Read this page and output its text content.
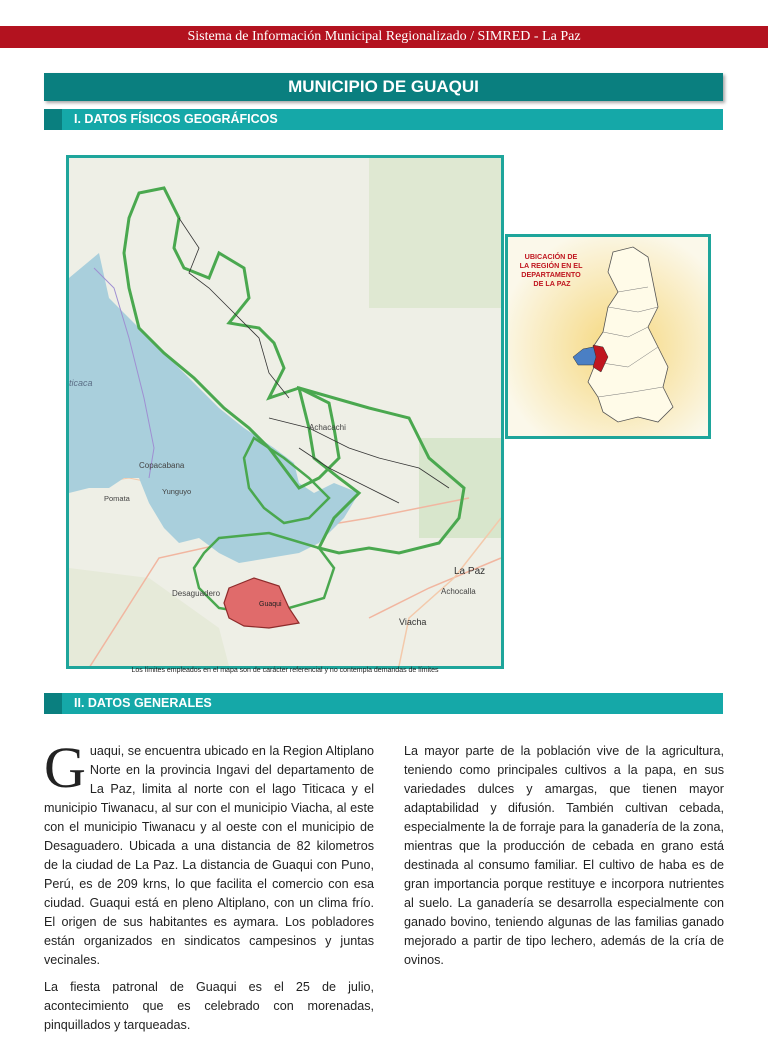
Sistema de Información Municipal Regionalizado / SIMRED - La Paz
MUNICIPIO DE GUAQUI
I. DATOS FÍSICOS GEOGRÁFICOS
ticaca
Achacachi
Copacabana
Yunguyo
Pomata
La Paz
Achocalla
Desaguadero
Guaqui
Viacha
UBICACIÓN DE LA REGIÓN EN EL DEPARTAMENTO DE LA PAZ
Los límites empleados en el mapa son de carácter referencial y no contempla demandas de límites
II. DATOS GENERALES

Guaqui, se encuentra ubicado en la Region Altiplano Norte en la provincia Ingavi del departamento de La Paz, limita al norte con el lago Titicaca y el municipio Tiwanacu, al sur con el municipio Viacha, al este con el municipio Tiwanacu y al oeste con el municipio de Desaguadero. Ubicada a una distancia de 82 kilometros de la ciudad de La Paz. La distancia de Guaqui con Puno, Perú, es de 209 krns, lo que facilita el comercio con esa ciudad. Guaqui está en pleno Altiplano, con un clima frío. El origen de sus habitantes es aymara. Los pobladores están organizados en sindicatos campesinos y juntas vecinales.

La fiesta patronal de Guaqui es el 25 de julio, acontecimiento que es celebrado con morenadas, pinquillados y tarqueadas.

La mayor parte de la población vive de la agricultura, teniendo como principales cultivos a la papa, en sus variedades dulces y amargas, que tienen mayor adaptabilidad y difusión. También cultivan cebada, especialmente la de forraje para la ganadería de la zona, mientras que la producción de cebada en grano está destinada al consumo familiar. El cultivo de haba es de gran importancia porque restituye e incorpora nutrientes al suelo. La ganadería se desarrolla especialmente con ganado bovino, teniendo algunas de las familias ganado mejorado a partir de tipo lechero, además de la cría de ovinos.
